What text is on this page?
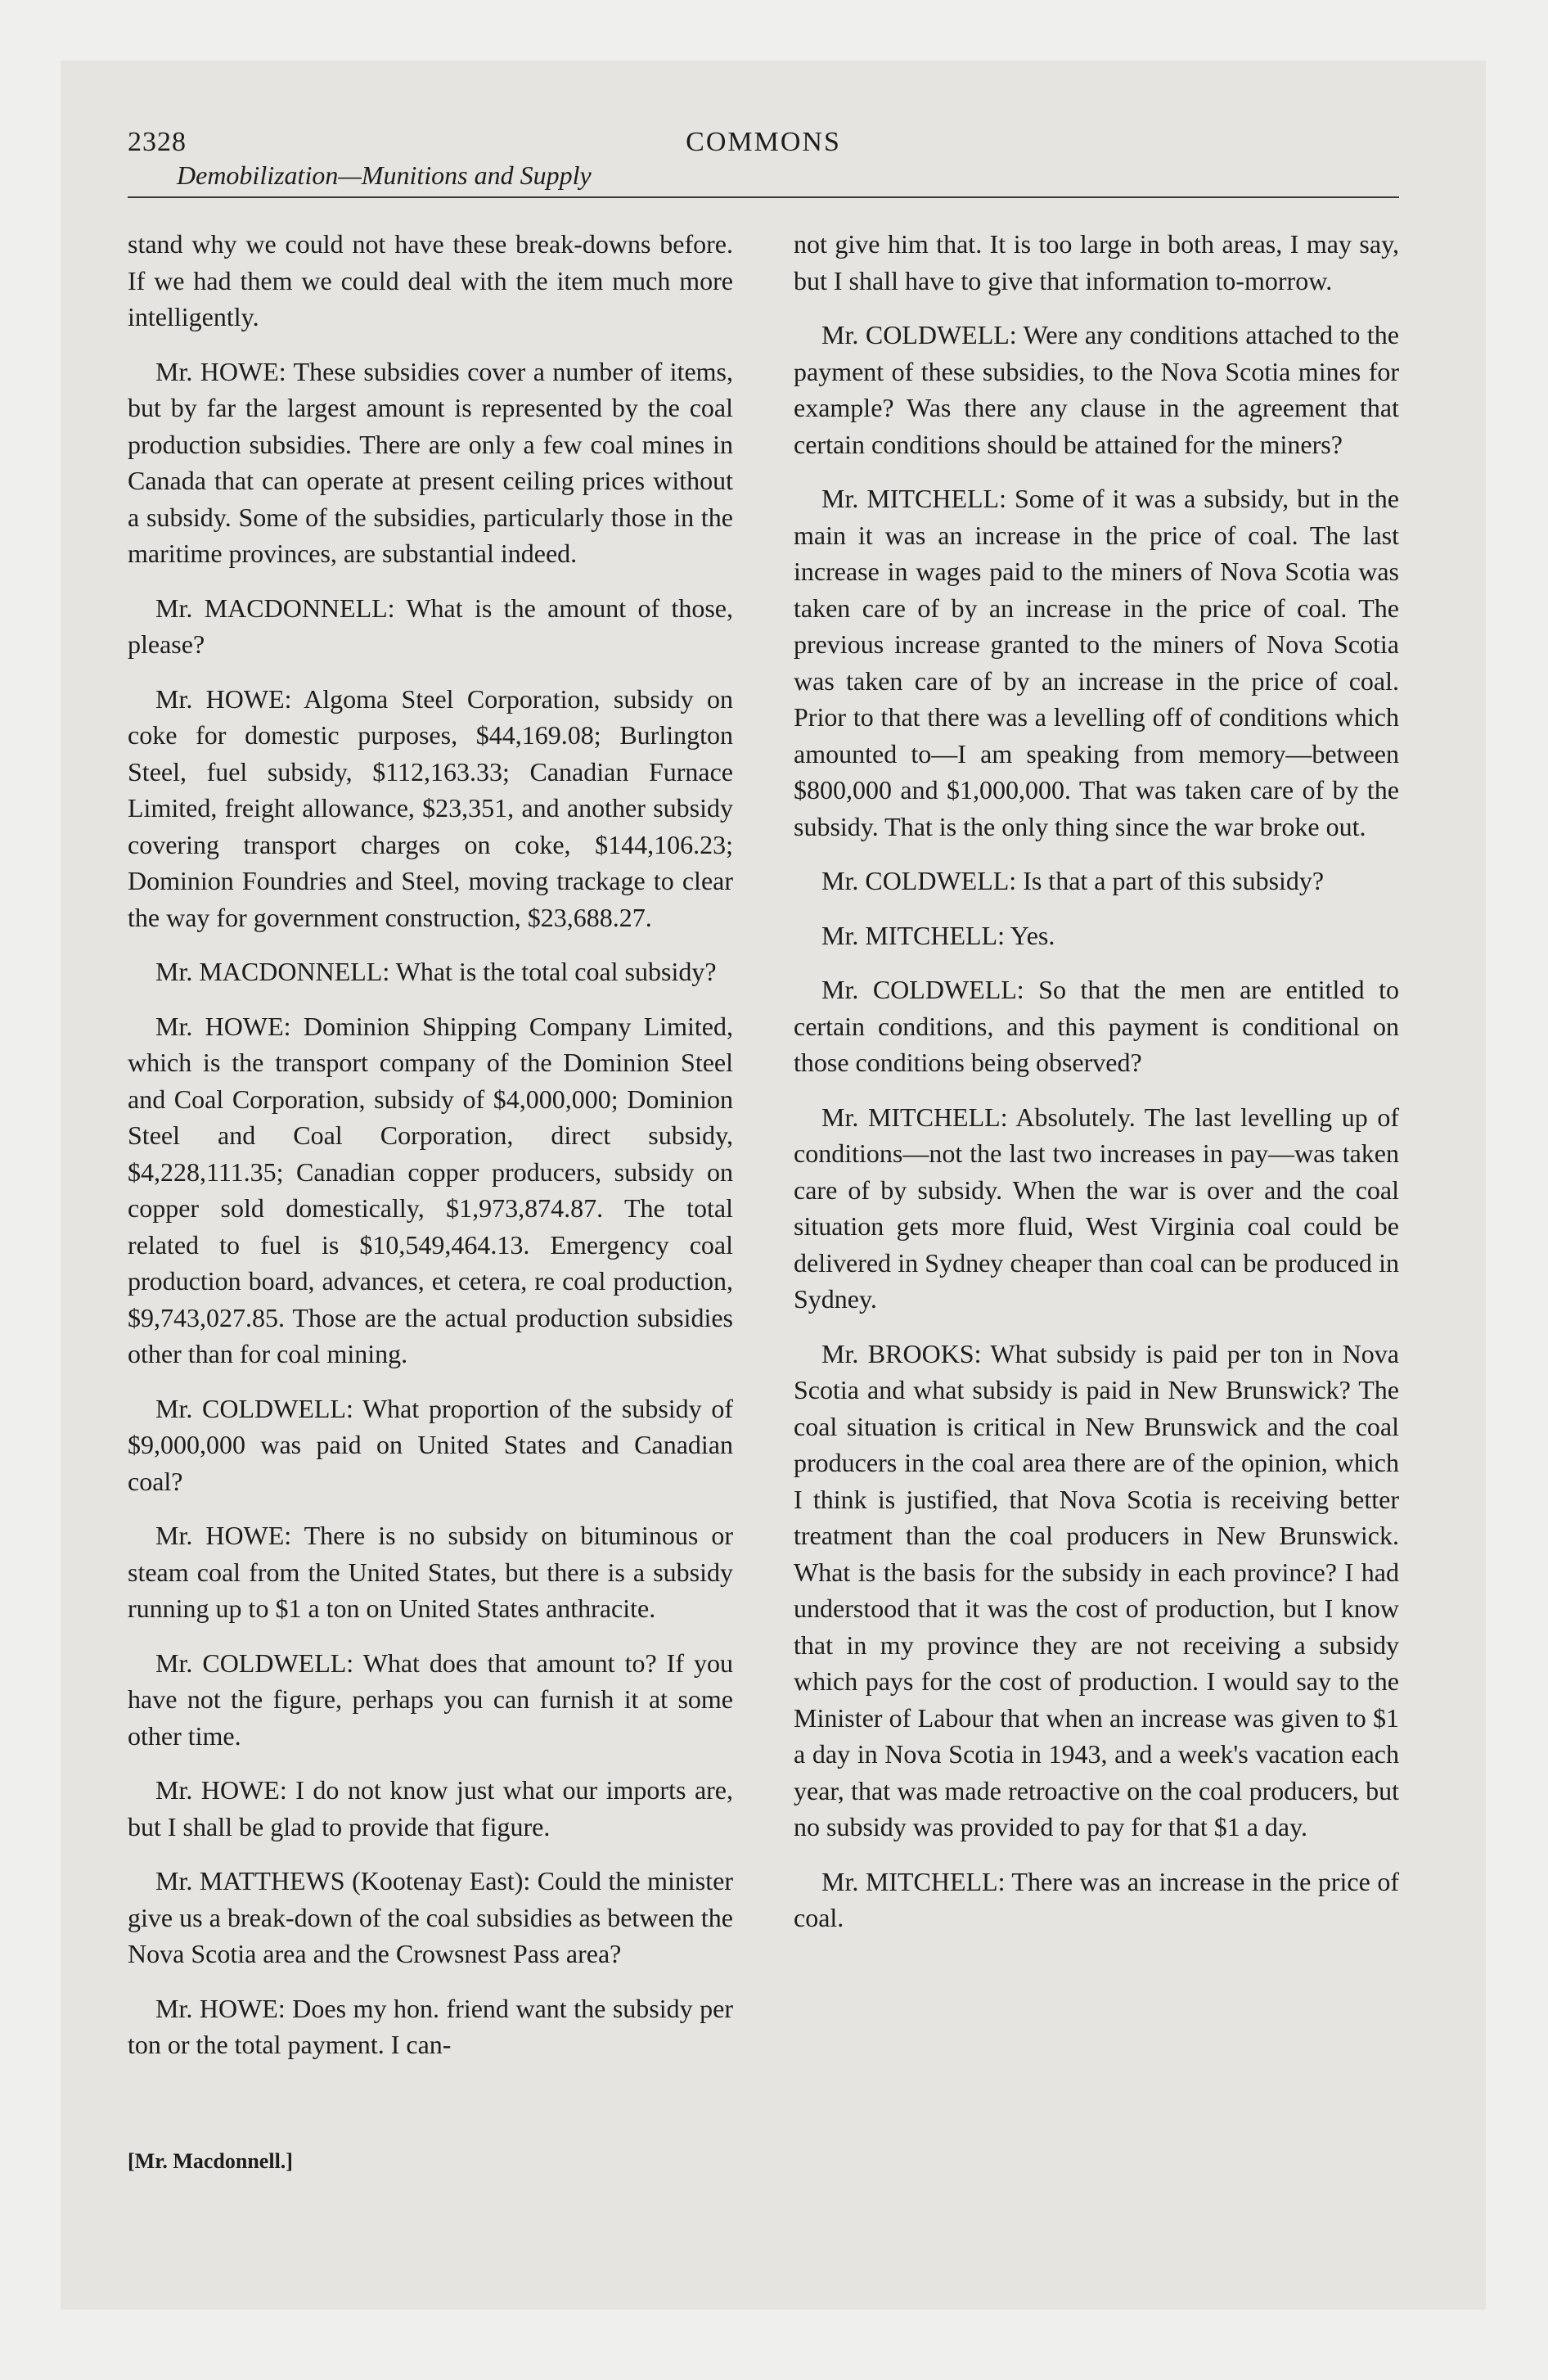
2328	COMMONS
Demobilization—Munitions and Supply

stand why we could not have these break-downs before. If we had them we could deal with the item much more intelligently.

Mr. HOWE: These subsidies cover a number of items, but by far the largest amount is represented by the coal production subsidies. There are only a few coal mines in Canada that can operate at present ceiling prices without a subsidy. Some of the subsidies, particularly those in the maritime provinces, are substantial indeed.

Mr. MACDONNELL: What is the amount of those, please?

Mr. HOWE: Algoma Steel Corporation, subsidy on coke for domestic purposes, $44,169.08; Burlington Steel, fuel subsidy, $112,163.33; Canadian Furnace Limited, freight allowance, $23,351, and another subsidy covering transport charges on coke, $144,106.23; Dominion Foundries and Steel, moving trackage to clear the way for government construction, $23,688.27.

Mr. MACDONNELL: What is the total coal subsidy?

Mr. HOWE: Dominion Shipping Company Limited, which is the transport company of the Dominion Steel and Coal Corporation, subsidy of $4,000,000; Dominion Steel and Coal Corporation, direct subsidy, $4,228,111.35; Canadian copper producers, subsidy on copper sold domestically, $1,973,874.87. The total related to fuel is $10,549,464.13. Emergency coal production board, advances, et cetera, re coal production, $9,743,027.85. Those are the actual production subsidies other than for coal mining.

Mr. COLDWELL: What proportion of the subsidy of $9,000,000 was paid on United States and Canadian coal?

Mr. HOWE: There is no subsidy on bituminous or steam coal from the United States, but there is a subsidy running up to $1 a ton on United States anthracite.

Mr. COLDWELL: What does that amount to? If you have not the figure, perhaps you can furnish it at some other time.

Mr. HOWE: I do not know just what our imports are, but I shall be glad to provide that figure.

Mr. MATTHEWS (Kootenay East): Could the minister give us a break-down of the coal subsidies as between the Nova Scotia area and the Crowsnest Pass area?

Mr. HOWE: Does my hon. friend want the subsidy per ton or the total payment. I can-

not give him that. It is too large in both areas, I may say, but I shall have to give that information to-morrow.

Mr. COLDWELL: Were any conditions attached to the payment of these subsidies, to the Nova Scotia mines for example? Was there any clause in the agreement that certain conditions should be attained for the miners?

Mr. MITCHELL: Some of it was a subsidy, but in the main it was an increase in the price of coal. The last increase in wages paid to the miners of Nova Scotia was taken care of by an increase in the price of coal. The previous increase granted to the miners of Nova Scotia was taken care of by an increase in the price of coal. Prior to that there was a levelling off of conditions which amounted to—I am speaking from memory—between $800,000 and $1,000,000. That was taken care of by the subsidy. That is the only thing since the war broke out.

Mr. COLDWELL: Is that a part of this subsidy?

Mr. MITCHELL: Yes.

Mr. COLDWELL: So that the men are entitled to certain conditions, and this payment is conditional on those conditions being observed?

Mr. MITCHELL: Absolutely. The last levelling up of conditions—not the last two increases in pay—was taken care of by subsidy. When the war is over and the coal situation gets more fluid, West Virginia coal could be delivered in Sydney cheaper than coal can be produced in Sydney.

Mr. BROOKS: What subsidy is paid per ton in Nova Scotia and what subsidy is paid in New Brunswick? The coal situation is critical in New Brunswick and the coal producers in the coal area there are of the opinion, which I think is justified, that Nova Scotia is receiving better treatment than the coal producers in New Brunswick. What is the basis for the subsidy in each province? I had understood that it was the cost of production, but I know that in my province they are not receiving a subsidy which pays for the cost of production. I would say to the Minister of Labour that when an increase was given to $1 a day in Nova Scotia in 1943, and a week's vacation each year, that was made retroactive on the coal producers, but no subsidy was provided to pay for that $1 a day.

Mr. MITCHELL: There was an increase in the price of coal.

[Mr. Macdonnell.]
